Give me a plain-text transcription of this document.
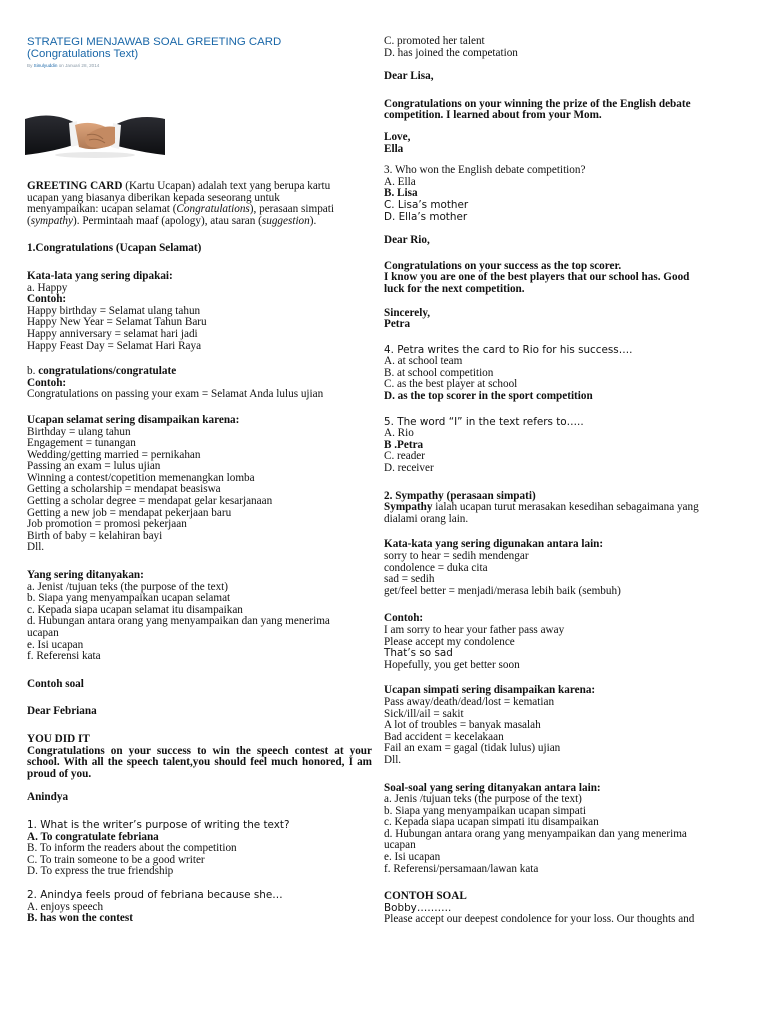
STRATEGI MENJAWAB SOAL GREETING CARD
(Congratulations Text)
By Sinulyuddin on Januari 28, 2014
GREETING CARD (Kartu Ucapan) adalah text yang berupa kartu
ucapan yang biasanya diberikan kepada seseorang untuk
menyampaikan: ucapan selamat (Congratulations), perasaan simpati
(sympathy). Permintaah maaf (apology), atau saran (suggestion).
1.Congratulations (Ucapan Selamat)
Kata-lata yang sering dipakai:
a. Happy
Contoh:
Happy birthday = Selamat ulang tahun
Happy New Year = Selamat Tahun Baru
Happy anniversary = selamat hari jadi
Happy Feast Day = Selamat Hari Raya
b. congratulations/congratulate
Contoh:
Congratulations on passing your exam = Selamat Anda lulus ujian
Ucapan selamat sering disampaikan karena:
Birthday = ulang tahun
Engagement = tunangan
Wedding/getting married = pernikahan
Passing an exam = lulus ujian
Winning a contest/copetition memenangkan lomba
Getting a scholarship = mendapat beasiswa
Getting a scholar degree = mendapat gelar kesarjanaan
Getting a new job = mendapat pekerjaan baru
Job promotion = promosi pekerjaan
Birth of baby = kelahiran bayi
Dll.
Yang sering ditanyakan:
a. Jenist /tujuan teks (the purpose of the text)
b. Siapa yang menyampaikan ucapan selamat
c. Kepada siapa ucapan selamat itu disampaikan
d. Hubungan antara orang yang menyampaikan dan yang menerima
ucapan
e. Isi ucapan
f. Referensi kata
Contoh soal
Dear Febriana
YOU DID IT
Congratulations on your success to win the speech contest at your school. With all the speech talent,you should feel much honored, I am proud of you.
Anindya
1. What is the writer’s purpose of writing the text?
A. To congratulate febriana
B. To inform the readers about the competition
C. To train someone to be a good writer
D. To express the true friendship
2. Anindya feels proud of febriana because she…
A. enjoys speech
B. has won the contest
C. promoted her talent
D. has joined the competation
Dear Lisa,
Congratulations on your winning the prize of the English debate
competition. I learned about from your Mom.
Love,
Ella
3. Who won the English debate competition?
A. Ella
B. Lisa
C. Lisa’s mother
D. Ella’s mother
Dear Rio,
Congratulations on your success as the top scorer.
I know you are one of the best players that our school has. Good
luck for the next competition.
Sincerely,
Petra
4. Petra writes the card to Rio for his success….
A. at school team
B. at school competition
C. as the best player at school
D. as the top scorer in the sport competition
5. The word “I” in the text refers to…..
A. Rio
B .Petra
C. reader
D. receiver
2. Sympathy (perasaan simpati)
Sympathy ialah ucapan turut merasakan kesedihan sebagaimana yang
dialami orang lain.
Kata-kata yang sering digunakan antara lain:
sorry to hear = sedih mendengar
condolence = duka cita
sad = sedih
get/feel better = menjadi/merasa lebih baik (sembuh)
Contoh:
I am sorry to hear your father pass away
Please accept my condolence
That’s so sad
Hopefully, you get better soon
Ucapan simpati sering disampaikan karena:
Pass away/death/dead/lost = kematian
Sick/ill/ail = sakit
A lot of troubles = banyak masalah
Bad accident = kecelakaan
Fail an exam = gagal (tidak lulus) ujian
Dll.
Soal-soal yang sering ditanyakan antara lain:
a. Jenis /tujuan teks (the purpose of the text)
b. Siapa yang menyampaikan ucapan simpati
c. Kepada siapa ucapan simpati itu disampaikan
d. Hubungan antara orang yang menyampaikan dan yang menerima
ucapan
e. Isi ucapan
f. Referensi/persamaan/lawan kata
CONTOH SOAL
Bobby……….
Please accept our deepest condolence for your loss. Our thoughts and
